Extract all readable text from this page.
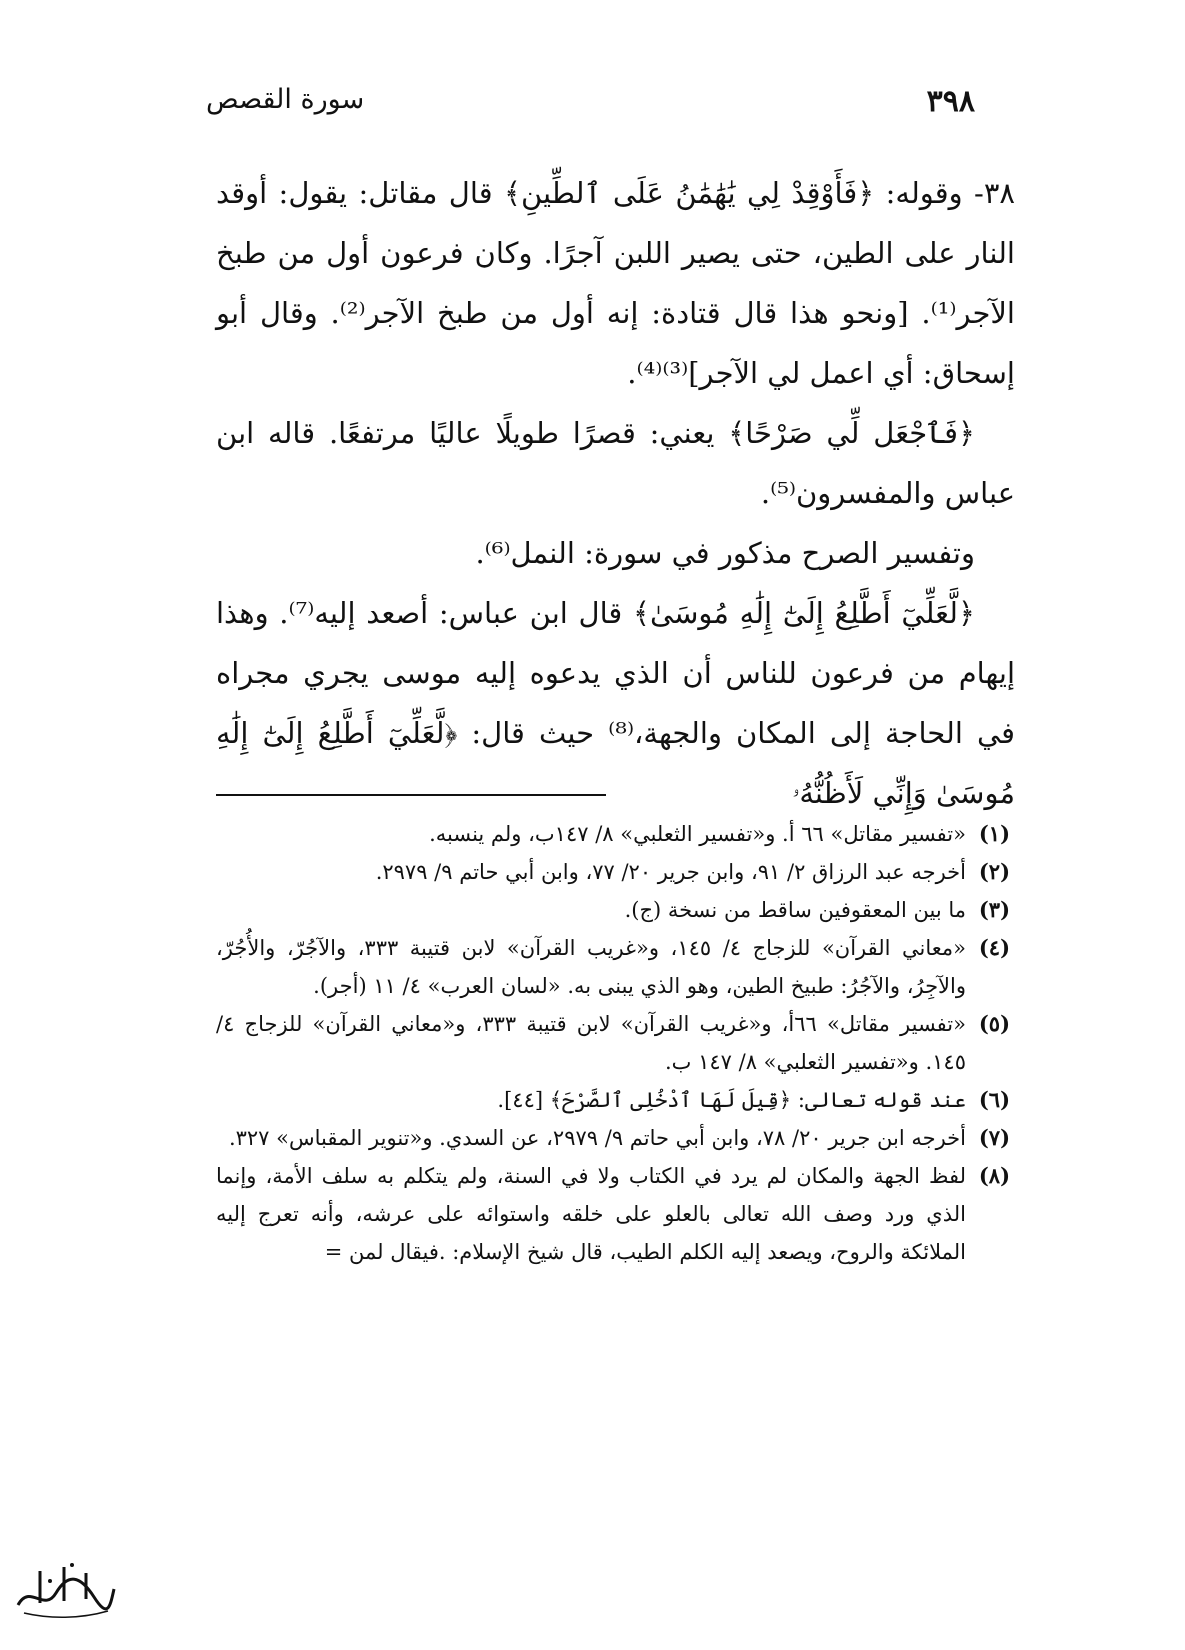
سورة القصص	٣٩٨

٣٨- وقوله: ﴿فَأَوْقِدْ لِي يَٰهَٰمَٰنُ عَلَى ٱلطِّينِ﴾ قال مقاتل: يقول: أوقد النار على الطين، حتى يصير اللبن آجرًا. وكان فرعون أول من طبخ الآجر⁽¹⁾. [ونحو هذا قال قتادة: إنه أول من طبخ الآجر⁽²⁾. وقال أبو إسحاق: أي اعمل لي الآجر]⁽³⁾⁽⁴⁾.

﴿فَٱجْعَل لِّي صَرْحًا﴾ يعني: قصرًا طويلًا عاليًا مرتفعًا. قاله ابن عباس والمفسرون⁽⁵⁾.

وتفسير الصرح مذكور في سورة: النمل⁽⁶⁾.

﴿لَّعَلِّيٓ أَطَّلِعُ إِلَىٰٓ إِلَٰهِ مُوسَىٰ﴾ قال ابن عباس: أصعد إليه⁽⁷⁾. وهذا إيهام من فرعون للناس أن الذي يدعوه إليه موسى يجري مجراه في الحاجة إلى المكان والجهة،⁽⁸⁾ حيث قال: ﴿لَّعَلِّيٓ أَطَّلِعُ إِلَىٰٓ إِلَٰهِ مُوسَىٰ وَإِنِّي لَأَظُنُّهُۥ

(١)
«تفسير مقاتل» ٦٦ أ. و«تفسير الثعلبي» ٨/ ١٤٧ب، ولم ينسبه.
(٢)
أخرجه عبد الرزاق ٢/ ٩١، وابن جرير ٢٠/ ٧٧، وابن أبي حاتم ٩/ ٢٩٧٩.
(٣)
ما بين المعقوفين ساقط من نسخة (ج).
(٤)
«معاني القرآن» للزجاج ٤/ ١٤٥، و«غريب القرآن» لابن قتيبة ٣٣٣، والآجُرّ، والأُجُرّ، والآجِرُ، والآجُرُ: طبيخ الطين، وهو الذي يبنى به. «لسان العرب» ٤/ ١١ (أجر).
(٥)
«تفسير مقاتل» ٦٦أ، و«غريب القرآن» لابن قتيبة ٣٣٣، و«معاني القرآن» للزجاج ٤/ ١٤٥. و«تفسير الثعلبي» ٨/ ١٤٧ ب.
(٦)
عند قوله تعالى: ﴿قِيلَ لَهَا ٱدْخُلِى ٱلصَّرْحَ﴾ [٤٤].
(٧)
أخرجه ابن جرير ٢٠/ ٧٨، وابن أبي حاتم ٩/ ٢٩٧٩، عن السدي. و«تنوير المقباس» ٣٢٧.
(٨)
لفظ الجهة والمكان لم يرد في الكتاب ولا في السنة، ولم يتكلم به سلف الأمة، وإنما الذي ورد وصف الله تعالى بالعلو على خلقه واستوائه على عرشه، وأنه تعرج إليه الملائكة والروح، ويصعد إليه الكلم الطيب، قال شيخ الإسلام: .فيقال لمن =
